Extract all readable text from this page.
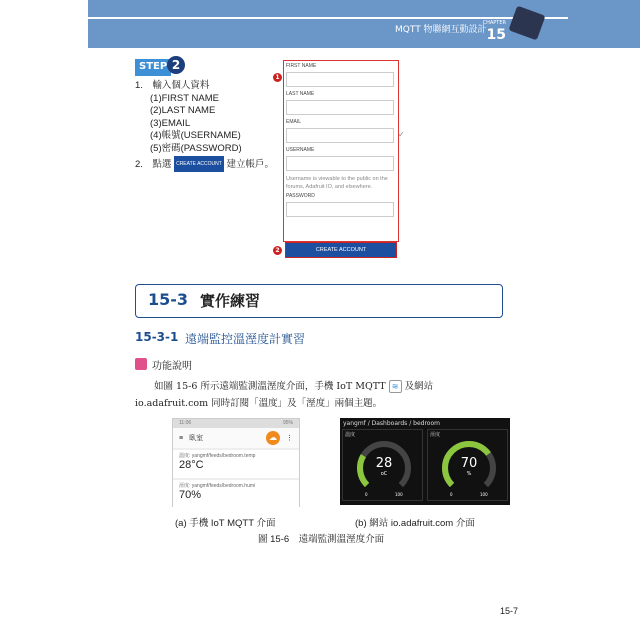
MQTT 物聯網互動設計
CHAPTER
15
STEP 2
1.　輸入個人資料
(1)FIRST NAME
(2)LAST NAME
(3)EMAIL
(4)帳號(USERNAME)
(5)密碼(PASSWORD)
2.　點選 CREATE ACCOUNT 建立帳戶。
1
FIRST NAME
LAST NAME
EMAIL
USERNAME
Username is viewable to the public on the forums, Adafruit IO, and elsewhere.
PASSWORD
✓
2	CREATE ACCOUNT
15-3 實作練習
15-3-1 遠端監控溫溼度計實習
功能說明
如圖 15-6 所示遠端監測溫溼度介面，手機 IoT MQTT ≋ 及網站 io.adafruit.com 同時訂閱「溫度」及「溼度」兩個主題。
11:06	95%
≡ 臥室	☁	⋮
溫度: yangmf/feeds/bedroom.temp
28°C
溼度: yangmf/feeds/bedroom.humi
70%
yangmf / Dashboards / bedroom
溫度
28
oC
0	100
溼度
70
%
0	100
(a) 手機 IoT MQTT 介面	(b) 網站 io.adafruit.com 介面
圖 15-6　遠端監測溫溼度介面
15-7
